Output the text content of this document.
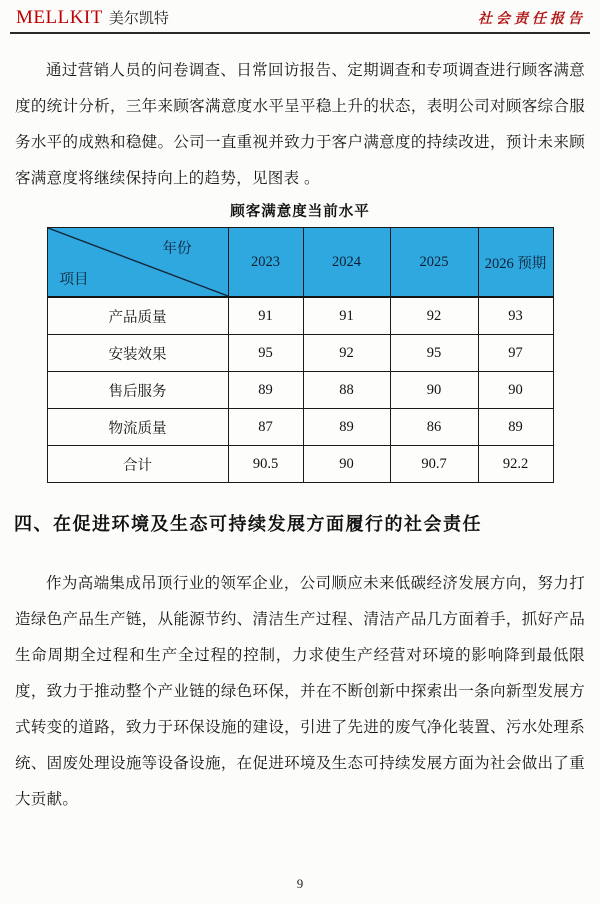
MELLKIT 美尔凯特	社会责任报告

通过营销人员的问卷调查、日常回访报告、定期调查和专项调查进行顾客满意度的统计分析，三年来顾客满意度水平呈平稳上升的状态，表明公司对顾客综合服务水平的成熟和稳健。公司一直重视并致力于客户满意度的持续改进，预计未来顾客满意度将继续保持向上的趋势，见图表 。

顾客满意度当前水平
年份
项目	2023	2024	2025	2026 预期
产品质量	91	91	92	93
安装效果	95	92	95	97
售后服务	89	88	90	90
物流质量	87	89	86	89
合计	90.5	90	90.7	92.2
四、在促进环境及生态可持续发展方面履行的社会责任

作为高端集成吊顶行业的领军企业，公司顺应未来低碳经济发展方向，努力打造绿色产品生产链，从能源节约、清洁生产过程、清洁产品几方面着手，抓好产品生命周期全过程和生产全过程的控制，力求使生产经营对环境的影响降到最低限度，致力于推动整个产业链的绿色环保，并在不断创新中探索出一条向新型发展方式转变的道路，致力于环保设施的建设，引进了先进的废气净化装置、污水处理系统、固废处理设施等设备设施，在促进环境及生态可持续发展方面为社会做出了重大贡献。

9
